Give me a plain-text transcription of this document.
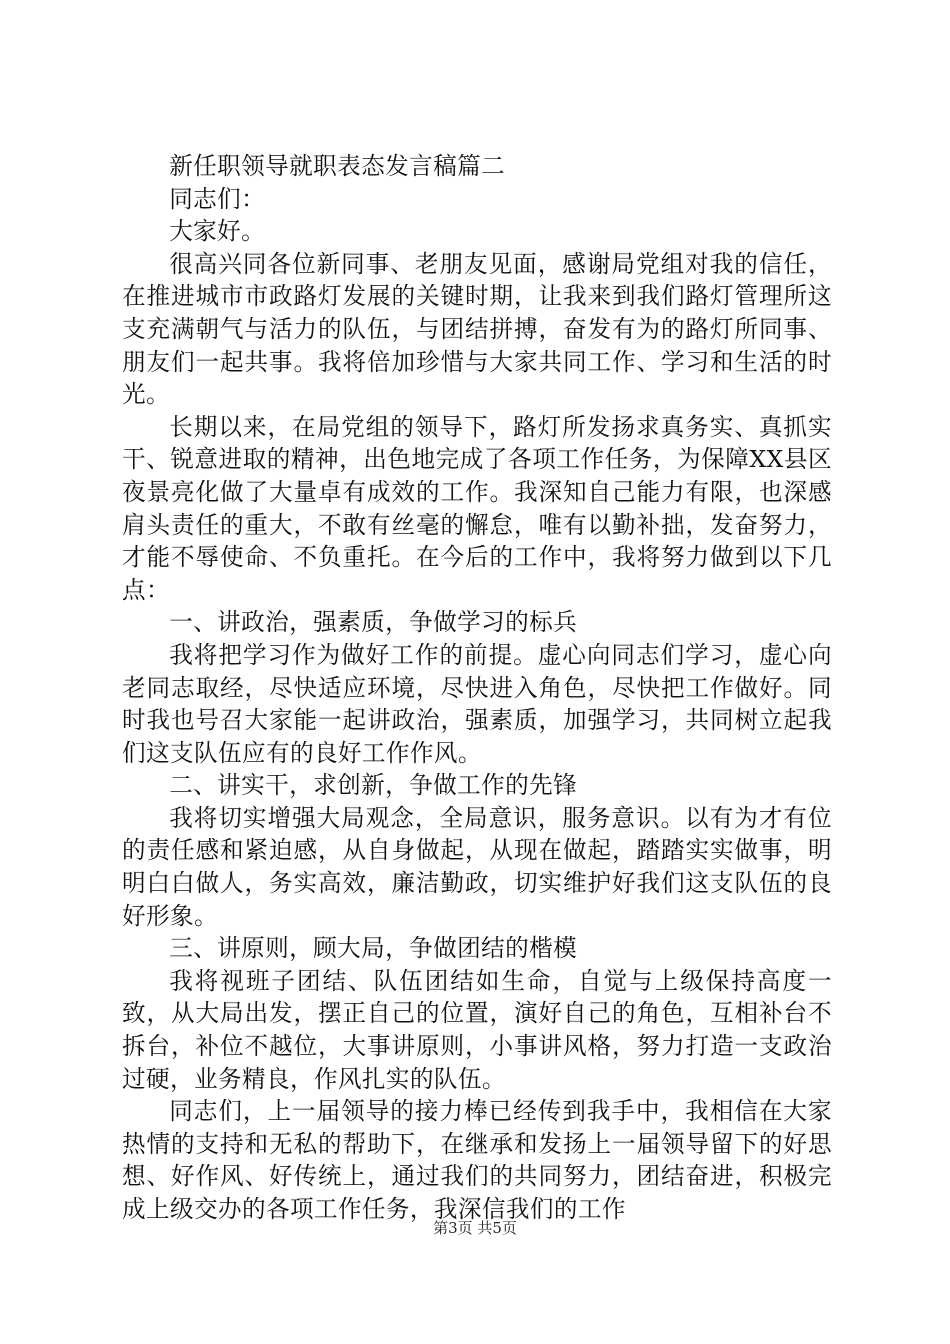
新任职领导就职表态发言稿篇二

同志们：

大家好。

很高兴同各位新同事、老朋友见面，感谢局党组对我的信任，在推进城市市政路灯发展的关键时期，让我来到我们路灯管理所这支充满朝气与活力的队伍，与团结拼搏，奋发有为的路灯所同事、朋友们一起共事。我将倍加珍惜与大家共同工作、学习和生活的时光。

长期以来，在局党组的领导下，路灯所发扬求真务实、真抓实干、锐意进取的精神，出色地完成了各项工作任务，为保障XX县区夜景亮化做了大量卓有成效的工作。我深知自己能力有限，也深感肩头责任的重大，不敢有丝毫的懈怠，唯有以勤补拙，发奋努力，才能不辱使命、不负重托。在今后的工作中，我将努力做到以下几点：

一、讲政治，强素质，争做学习的标兵

我将把学习作为做好工作的前提。虚心向同志们学习，虚心向老同志取经，尽快适应环境，尽快进入角色，尽快把工作做好。同时我也号召大家能一起讲政治，强素质，加强学习，共同树立起我们这支队伍应有的良好工作作风。

二、讲实干，求创新，争做工作的先锋

我将切实增强大局观念，全局意识，服务意识。以有为才有位的责任感和紧迫感，从自身做起，从现在做起，踏踏实实做事，明明白白做人，务实高效，廉洁勤政，切实维护好我们这支队伍的良好形象。

三、讲原则，顾大局，争做团结的楷模

我将视班子团结、队伍团结如生命，自觉与上级保持高度一致，从大局出发，摆正自己的位置，演好自己的角色，互相补台不拆台，补位不越位，大事讲原则，小事讲风格，努力打造一支政治过硬，业务精良，作风扎实的队伍。

同志们，上一届领导的接力棒已经传到我手中，我相信在大家热情的支持和无私的帮助下，在继承和发扬上一届领导留下的好思想、好作风、好传统上，通过我们的共同努力，团结奋进，积极完成上级交办的各项工作任务，我深信我们的工作

第3页 共5页
